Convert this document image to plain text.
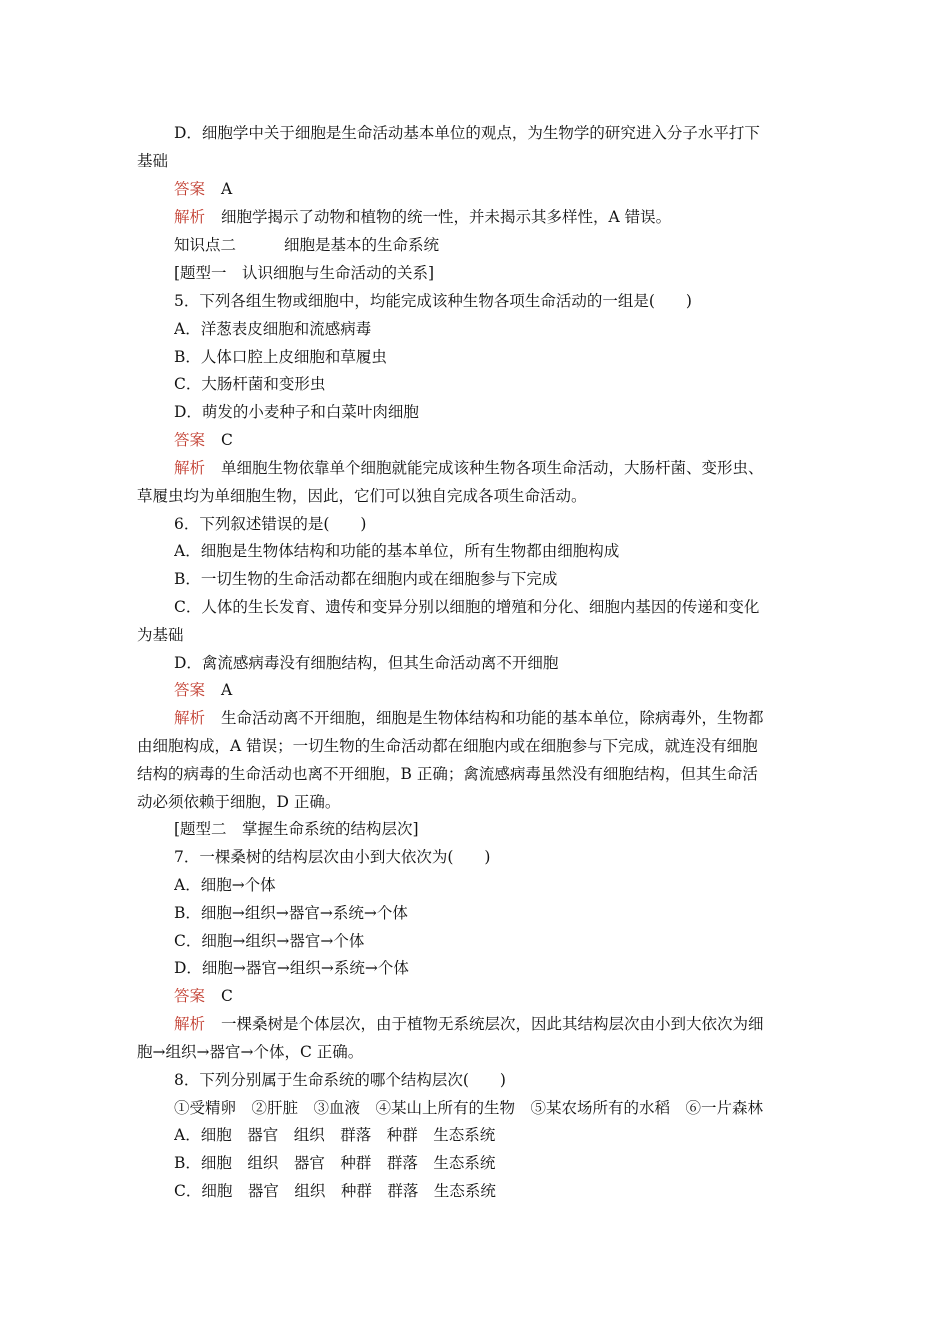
D．细胞学中关于细胞是生命活动基本单位的观点，为生物学的研究进入分子水平打下
基础
答案 A
解析 细胞学揭示了动物和植物的统一性，并未揭示其多样性，A 错误。
知识点二	细胞是基本的生命系统
[题型一　认识细胞与生命活动的关系]
5．下列各组生物或细胞中，均能完成该种生物各项生命活动的一组是(　　)
A．洋葱表皮细胞和流感病毒
B．人体口腔上皮细胞和草履虫
C．大肠杆菌和变形虫
D．萌发的小麦种子和白菜叶肉细胞
答案 C
解析 单细胞生物依靠单个细胞就能完成该种生物各项生命活动，大肠杆菌、变形虫、
草履虫均为单细胞生物，因此，它们可以独自完成各项生命活动。
6．下列叙述错误的是(　　)
A．细胞是生物体结构和功能的基本单位，所有生物都由细胞构成
B．一切生物的生命活动都在细胞内或在细胞参与下完成
C．人体的生长发育、遗传和变异分别以细胞的增殖和分化、细胞内基因的传递和变化
为基础
D．禽流感病毒没有细胞结构，但其生命活动离不开细胞
答案 A
解析 生命活动离不开细胞，细胞是生物体结构和功能的基本单位，除病毒外，生物都
由细胞构成，A 错误；一切生物的生命活动都在细胞内或在细胞参与下完成，就连没有细胞
结构的病毒的生命活动也离不开细胞，B 正确；禽流感病毒虽然没有细胞结构，但其生命活
动必须依赖于细胞，D 正确。
[题型二　掌握生命系统的结构层次]
7．一棵桑树的结构层次由小到大依次为(　　)
A．细胞→个体
B．细胞→组织→器官→系统→个体
C．细胞→组织→器官→个体
D．细胞→器官→组织→系统→个体
答案 C
解析 一棵桑树是个体层次，由于植物无系统层次，因此其结构层次由小到大依次为细
胞→组织→器官→个体，C 正确。
8．下列分别属于生命系统的哪个结构层次(　　)
①受精卵　②肝脏　③血液　④某山上所有的生物　⑤某农场所有的水稻　⑥一片森林
A．细胞　器官　组织　群落　种群　生态系统
B．细胞　组织　器官　种群　群落　生态系统
C．细胞　器官　组织　种群　群落　生态系统
